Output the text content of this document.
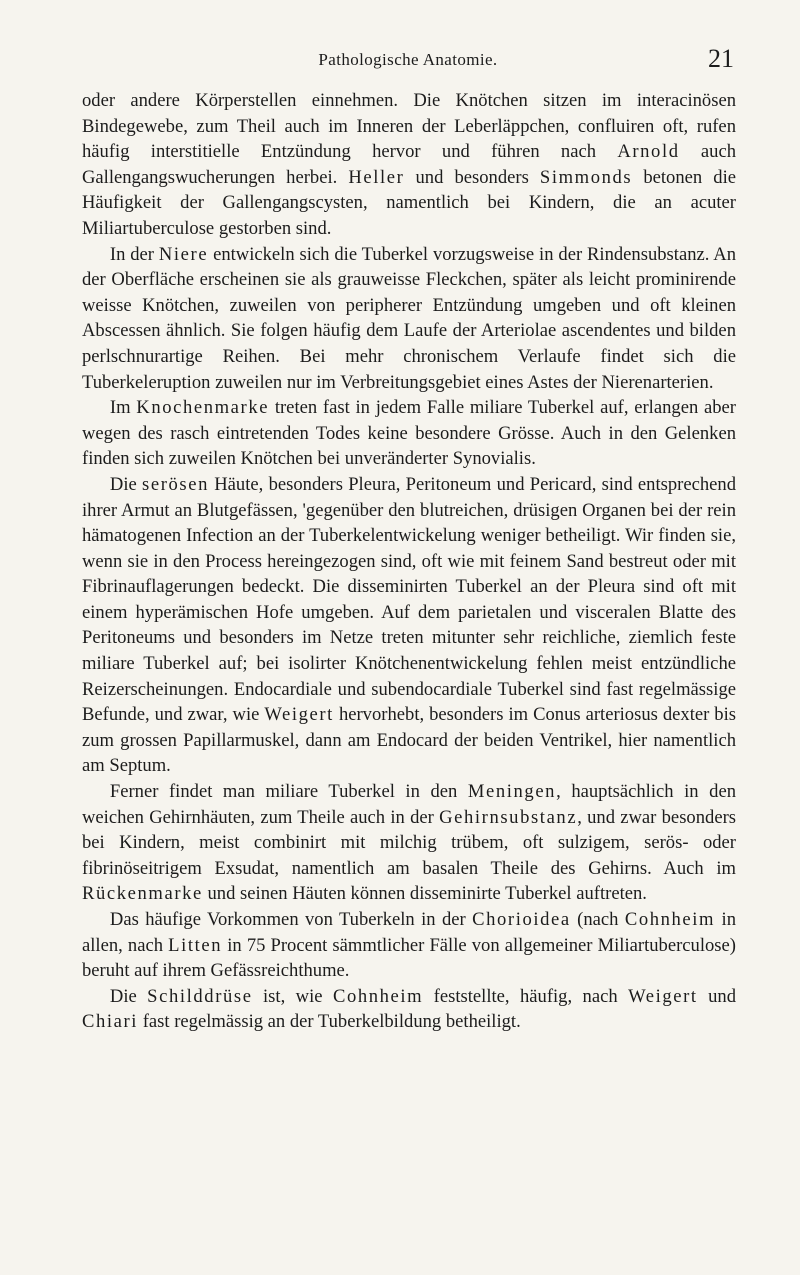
Pathologische Anatomie.	21

oder andere Körperstellen einnehmen. Die Knötchen sitzen im interacinösen Bindegewebe, zum Theil auch im Inneren der Leberläppchen, confluiren oft, rufen häufig interstitielle Entzündung hervor und führen nach Arnold auch Gallengangswucherungen herbei. Heller und besonders Simmonds betonen die Häufigkeit der Gallengangscysten, namentlich bei Kindern, die an acuter Miliartuberculose gestorben sind.

In der Niere entwickeln sich die Tuberkel vorzugsweise in der Rindensubstanz. An der Oberfläche erscheinen sie als grauweisse Fleckchen, später als leicht prominirende weisse Knötchen, zuweilen von peripherer Entzündung umgeben und oft kleinen Abscessen ähnlich. Sie folgen häufig dem Laufe der Arteriolae ascendentes und bilden perlschnurartige Reihen. Bei mehr chronischem Verlaufe findet sich die Tuberkeleruption zuweilen nur im Verbreitungsgebiet eines Astes der Nierenarterien.

Im Knochenmarke treten fast in jedem Falle miliare Tuberkel auf, erlangen aber wegen des rasch eintretenden Todes keine besondere Grösse. Auch in den Gelenken finden sich zuweilen Knötchen bei unveränderter Synovialis.

Die serösen Häute, besonders Pleura, Peritoneum und Pericard, sind entsprechend ihrer Armut an Blutgefässen, 'gegenüber den blutreichen, drüsigen Organen bei der rein hämatogenen Infection an der Tuberkelentwickelung weniger betheiligt. Wir finden sie, wenn sie in den Process hereingezogen sind, oft wie mit feinem Sand bestreut oder mit Fibrinauflagerungen bedeckt. Die disseminirten Tuberkel an der Pleura sind oft mit einem hyperämischen Hofe umgeben. Auf dem parietalen und visceralen Blatte des Peritoneums und besonders im Netze treten mitunter sehr reichliche, ziemlich feste miliare Tuberkel auf; bei isolirter Knötchenentwickelung fehlen meist entzündliche Reizerscheinungen. Endocardiale und subendocardiale Tuberkel sind fast regelmässige Befunde, und zwar, wie Weigert hervorhebt, besonders im Conus arteriosus dexter bis zum grossen Papillarmuskel, dann am Endocard der beiden Ventrikel, hier namentlich am Septum.

Ferner findet man miliare Tuberkel in den Meningen, hauptsächlich in den weichen Gehirnhäuten, zum Theile auch in der Gehirnsubstanz, und zwar besonders bei Kindern, meist combinirt mit milchig trübem, oft sulzigem, serös- oder fibrinöseitrigem Exsudat, namentlich am basalen Theile des Gehirns. Auch im Rückenmarke und seinen Häuten können disseminirte Tuberkel auftreten.

Das häufige Vorkommen von Tuberkeln in der Chorioidea (nach Cohnheim in allen, nach Litten in 75 Procent sämmtlicher Fälle von allgemeiner Miliartuberculose) beruht auf ihrem Gefässreichthume.

Die Schilddrüse ist, wie Cohnheim feststellte, häufig, nach Weigert und Chiari fast regelmässig an der Tuberkelbildung betheiligt.
